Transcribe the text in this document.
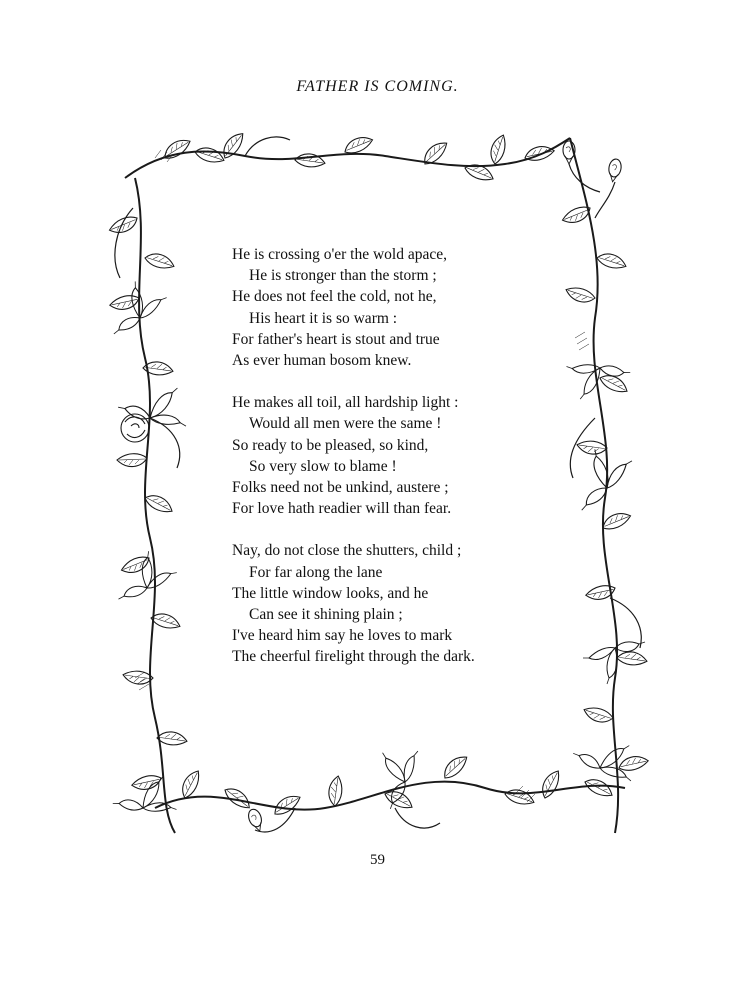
FATHER IS COMING.
He is crossing o'er the wold apace,
He is stronger than the storm ;
He does not feel the cold, not he,
His heart it is so warm :
For father's heart is stout and true
As ever human bosom knew.
He makes all toil, all hardship light :
Would all men were the same !
So ready to be pleased, so kind,
So very slow to blame !
Folks need not be unkind, austere ;
For love hath readier will than fear.
Nay, do not close the shutters, child ;
For far along the lane
The little window looks, and he
Can see it shining plain ;
I've heard him say he loves to mark
The cheerful firelight through the dark.
59
